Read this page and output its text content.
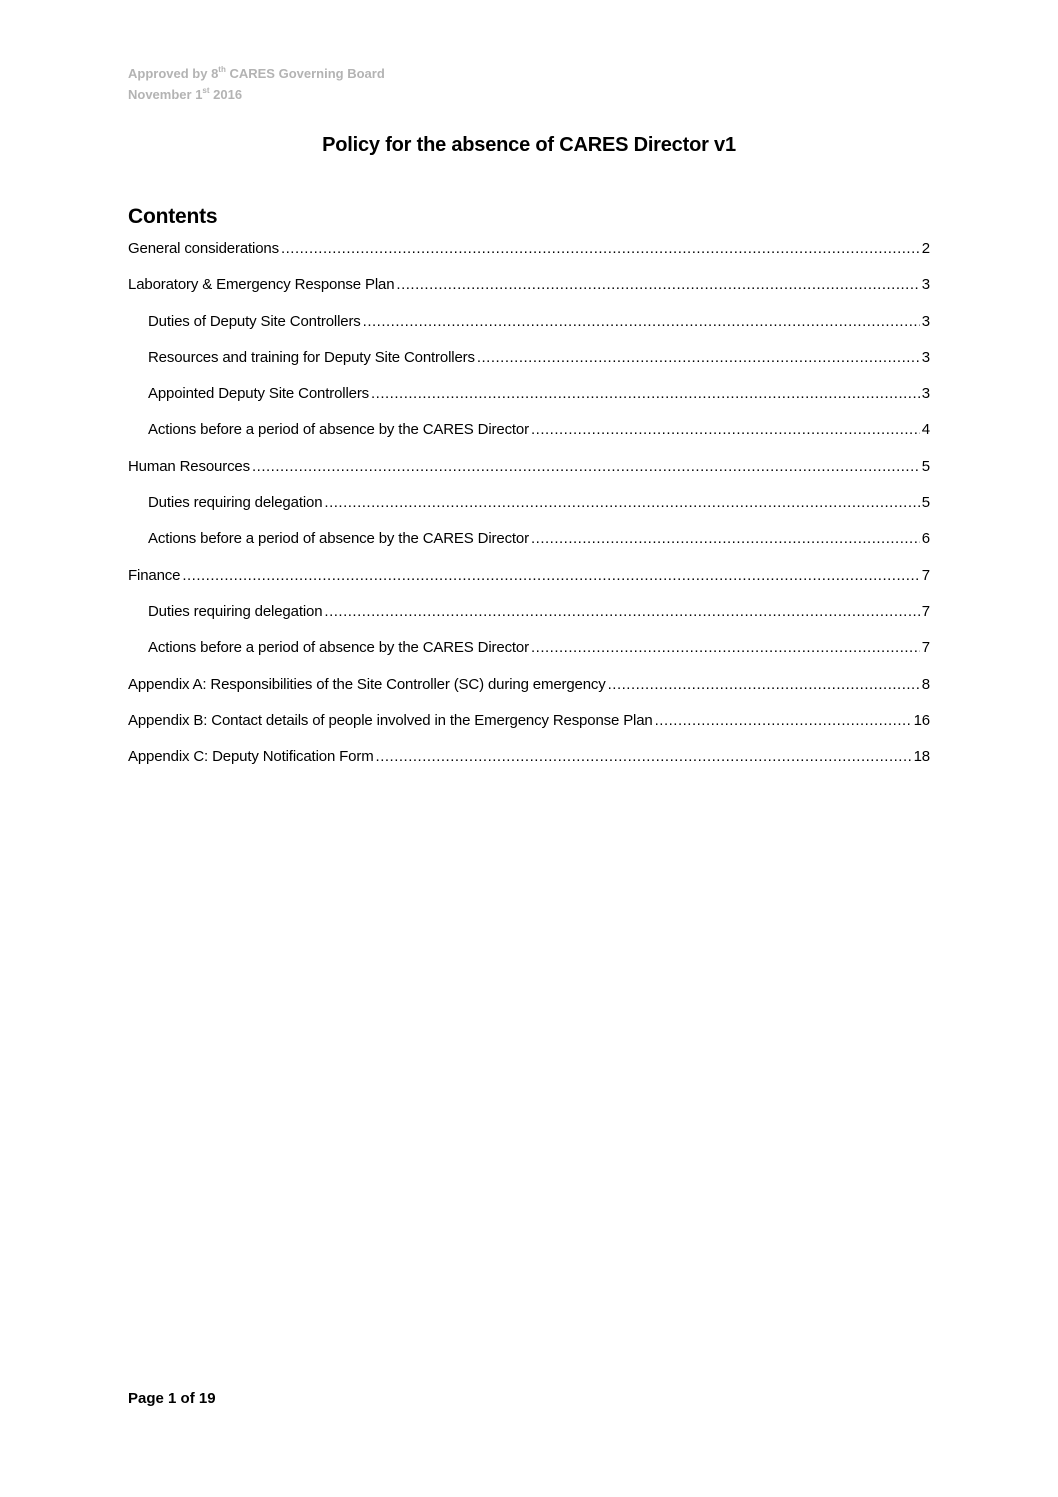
Approved by 8th CARES Governing Board
November 1st 2016
Policy for the absence of CARES Director v1
Contents
General considerations .....	2
Laboratory & Emergency Response Plan .....	3
Duties of Deputy Site Controllers .....	3
Resources and training for Deputy Site Controllers .....	3
Appointed Deputy Site Controllers .....	3
Actions before a period of absence by the CARES Director .....	4
Human Resources .....	5
Duties requiring delegation .....	5
Actions before a period of absence by the CARES Director .....	6
Finance .....	7
Duties requiring delegation .....	7
Actions before a period of absence by the CARES Director .....	7
Appendix A: Responsibilities of the Site Controller (SC) during emergency .....	8
Appendix B: Contact details of people involved in the Emergency Response Plan .....	16
Appendix C: Deputy Notification Form .....	18
Page 1 of 19
